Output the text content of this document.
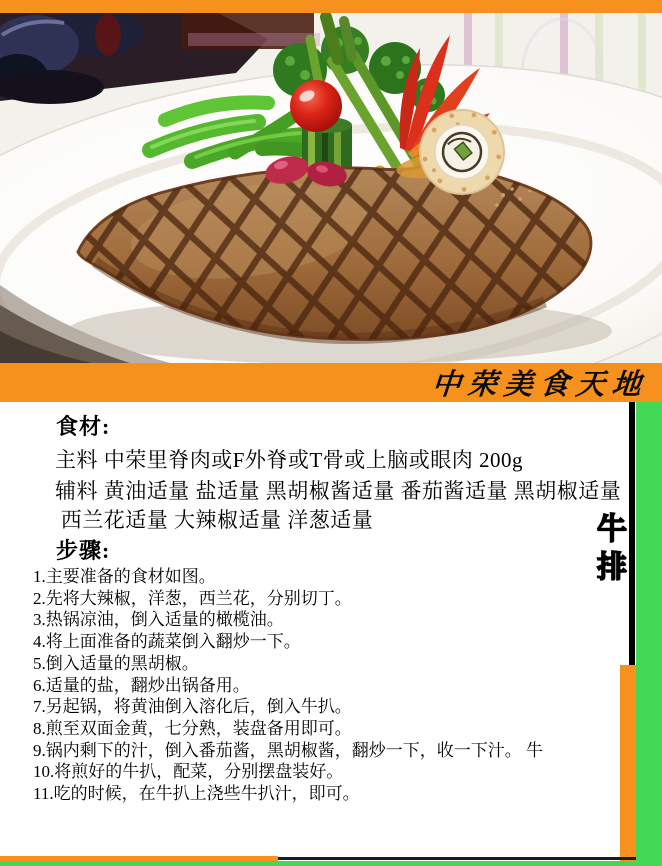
中荣美食天地
食材:
主料 中荣里脊肉或F外脊或T骨或上脑或眼肉 200g
辅料 黄油适量 盐适量 黑胡椒酱适量 番茄酱适量 黑胡椒适量
西兰花适量 大辣椒适量 洋葱适量
步骤:
1.主要准备的食材如图。
2.先将大辣椒，洋葱，西兰花，分别切丁。
3.热锅凉油，倒入适量的橄榄油。
4.将上面准备的蔬菜倒入翻炒一下。
5.倒入适量的黑胡椒。
6.适量的盐，翻炒出锅备用。
7.另起锅，将黄油倒入溶化后，倒入牛扒。
8.煎至双面金黄，七分熟，装盘备用即可。
9.锅内剩下的汁，倒入番茄酱，黑胡椒酱，翻炒一下，收一下汁。 牛
10.将煎好的牛扒，配菜，分别摆盘装好。
11.吃的时候，在牛扒上浇些牛扒汁，即可。
牛排
